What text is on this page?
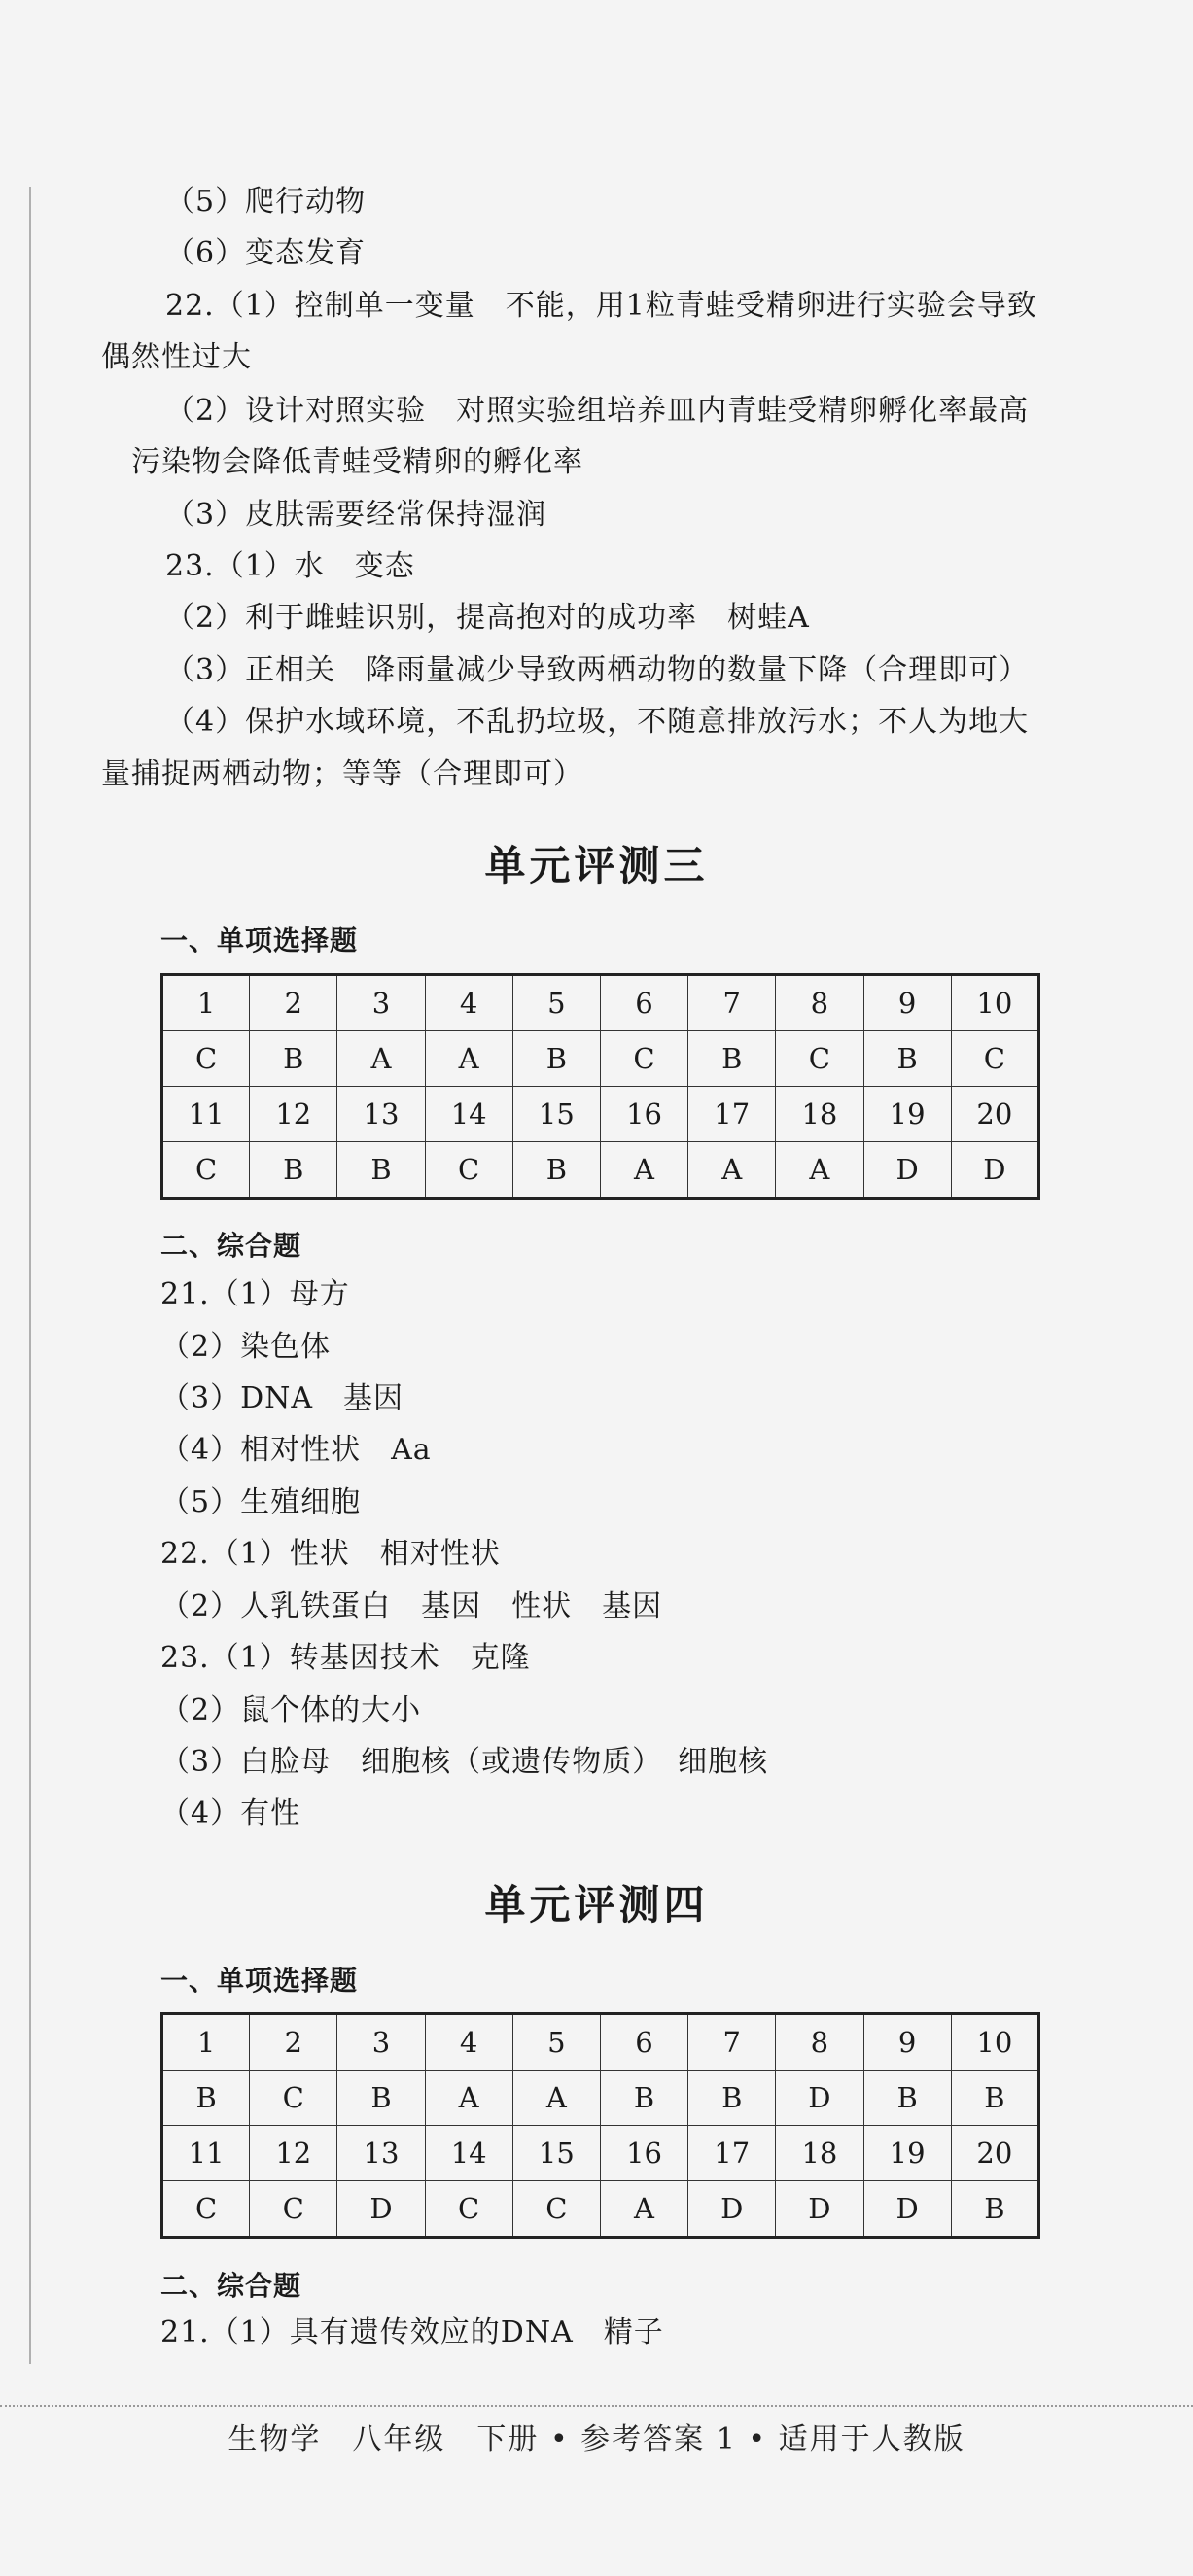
（5）爬行动物
（6）变态发育
22.（1）控制单一变量　不能，用1粒青蛙受精卵进行实验会导致
偶然性过大
（2）设计对照实验　对照实验组培养皿内青蛙受精卵孵化率最高
污染物会降低青蛙受精卵的孵化率
（3）皮肤需要经常保持湿润
23.（1）水　变态
（2）利于雌蛙识别，提高抱对的成功率　树蛙A
（3）正相关　降雨量减少导致两栖动物的数量下降（合理即可）
（4）保护水域环境，不乱扔垃圾，不随意排放污水；不人为地大
量捕捉两栖动物；等等（合理即可）
单元评测三
一、单项选择题
1	2	3	4	5	6	7	8	9	10
C	B	A	A	B	C	B	C	B	C
11	12	13	14	15	16	17	18	19	20
C	B	B	C	B	A	A	A	D	D
二、综合题
21.（1）母方
（2）染色体
（3）DNA　基因
（4）相对性状　Aa
（5）生殖细胞
22.（1）性状　相对性状
（2）人乳铁蛋白　基因　性状　基因
23.（1）转基因技术　克隆
（2）鼠个体的大小
（3）白脸母　细胞核（或遗传物质）　细胞核
（4）有性
单元评测四
一、单项选择题
1	2	3	4	5	6	7	8	9	10
B	C	B	A	A	B	B	D	B	B
11	12	13	14	15	16	17	18	19	20
C	C	D	C	C	A	D	D	D	B
二、综合题
21.（1）具有遗传效应的DNA　精子
生物学　八年级　下册 • 参考答案 1 • 适用于人教版
